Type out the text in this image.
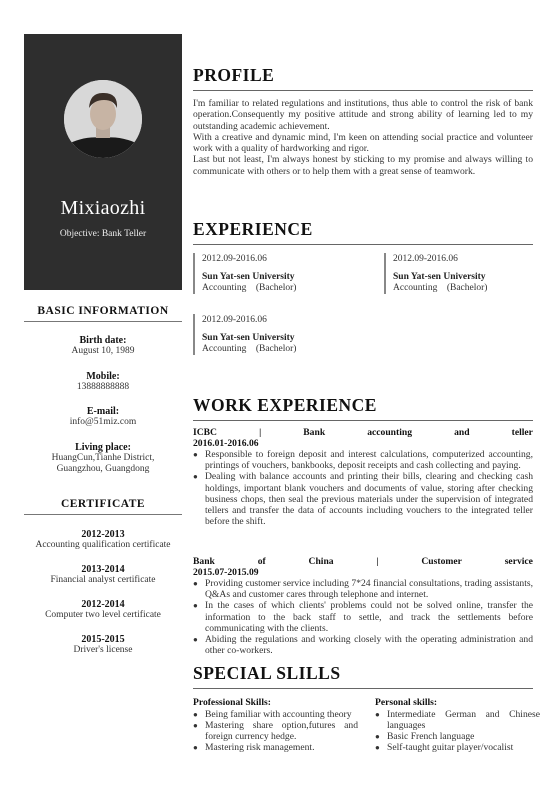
Mixiaozhi
Objective: Bank Teller
BASIC INFORMATION
Birth date:
August 10, 1989
Mobile:
13888888888
E-mail:
info@51miz.com
Living place:
HuangCun,Tianhe District,
Guangzhou, Guangdong
CERTIFICATE
2012-2013
Accounting qualification certificate
2013-2014
Financial analyst certificate
2012-2014
Computer two level certificate
2015-2015
Driver's license
PROFILE
I'm familiar to related regulations and institutions, thus able to control the risk of bank operation.Consequently my positive attitude and strong ability of learning led to my outstanding academic achievement.
With a creative and dynamic mind, I'm keen on attending social practice and volunteer work with a quality of hardworking and rigor.
Last but not least, I'm always honest by sticking to my promise and always willing to communicate with others or to help them with a great sense of teamwork.
EXPERIENCE
2012.09-2016.06
Sun Yat-sen University
Accounting    (Bachelor)
2012.09-2016.06
Sun Yat-sen University
Accounting    (Bachelor)
2012.09-2016.06
Sun Yat-sen University
Accounting    (Bachelor)
WORK EXPERIENCE
ICBC	|	Bank	accounting	and	teller
2016.01-2016.06
● Responsible to foreign deposit and interest calculations, computerized accounting, printings of vouchers, bankbooks, deposit receipts and cash collecting and paying.
● Dealing with balance accounts and printing their bills, clearing and checking cash holdings, important blank vouchers and documents of value, storing after checking business chops, then seal the previous materials under the supervision of integrated tellers and transfer the data of accounts including vouchers to the integrated teller before the shift.
Bank	of	China	|	Customer	service
2015.07-2015.09
● Providing customer service including 7*24 financial consultations, trading assistants, Q&As and customer cares through telephone and internet.
● In the cases of which clients' problems could not be solved online, transfer the information to the back staff to settle, and track the settlements before communicating with the clients.
● Abiding the regulations and working closely with the operating administration and other co-workers.
SPECIAL SLILLS
Professional Skills:
● Being familiar with accounting theory
● Mastering share option,futures and foreign currency hedge.
● Mastering risk management.
Personal skills:
● Intermediate German and Chinese languages
● Basic French language
● Self-taught guitar player/vocalist
